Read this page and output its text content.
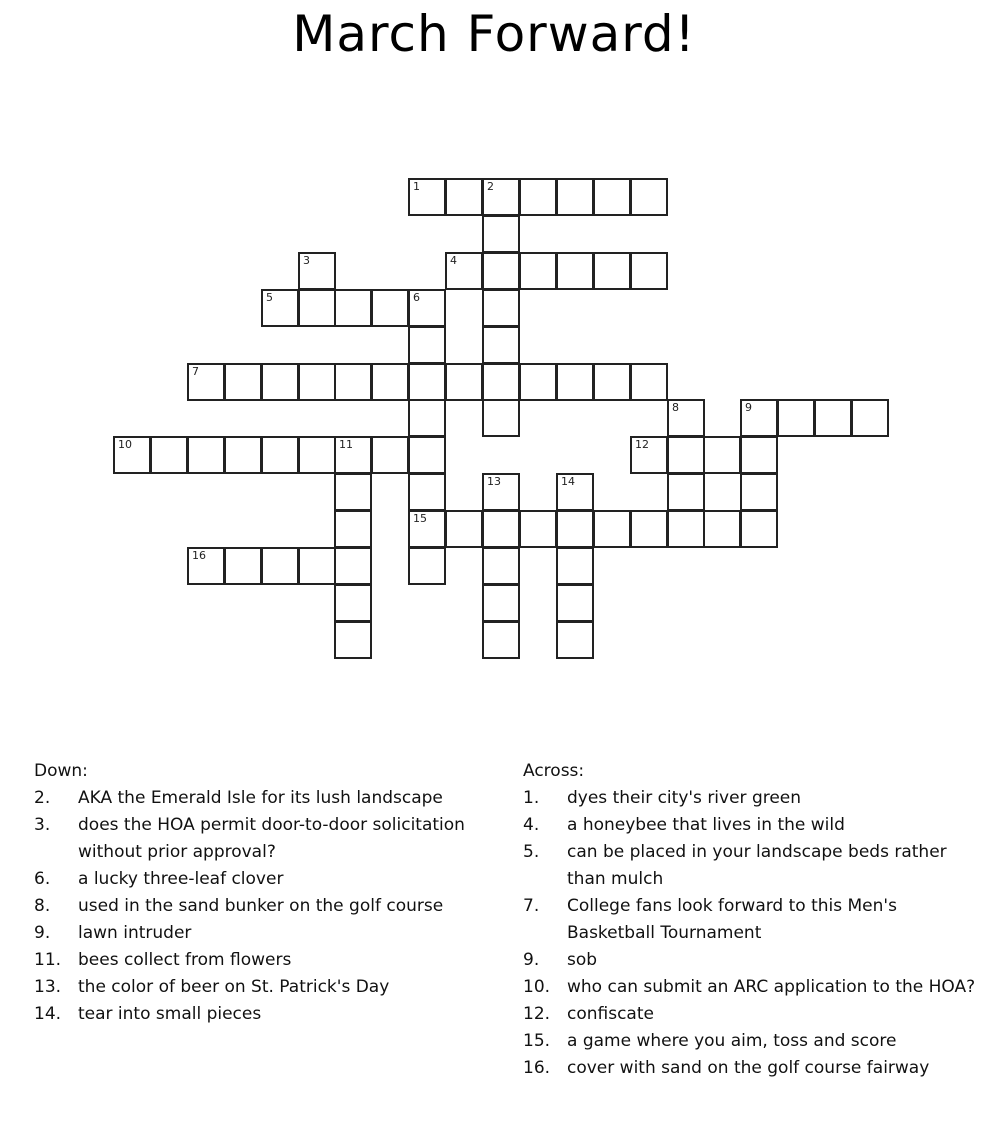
March Forward!
1	2
4
5	6
7
9
10	11	12
15
16
3
8
13	14
Down:
2.	AKA the Emerald Isle for its lush landscape
3.	does the HOA permit door-to-door solicitation without prior approval?
6.	a lucky three-leaf clover
8.	used in the sand bunker on the golf course
9.	lawn intruder
11. bees collect from flowers
13. the color of beer on St. Patrick's Day
14. tear into small pieces
Across:
1.	dyes their city's river green
4.	a honeybee that lives in the wild
5.	can be placed in your landscape beds rather than mulch
7.	College fans look forward to this Men's Basketball Tournament
9.	sob
10. who can submit an ARC application to the HOA?
12. confiscate
15. a game where you aim, toss and score
16. cover with sand on the golf course fairway
